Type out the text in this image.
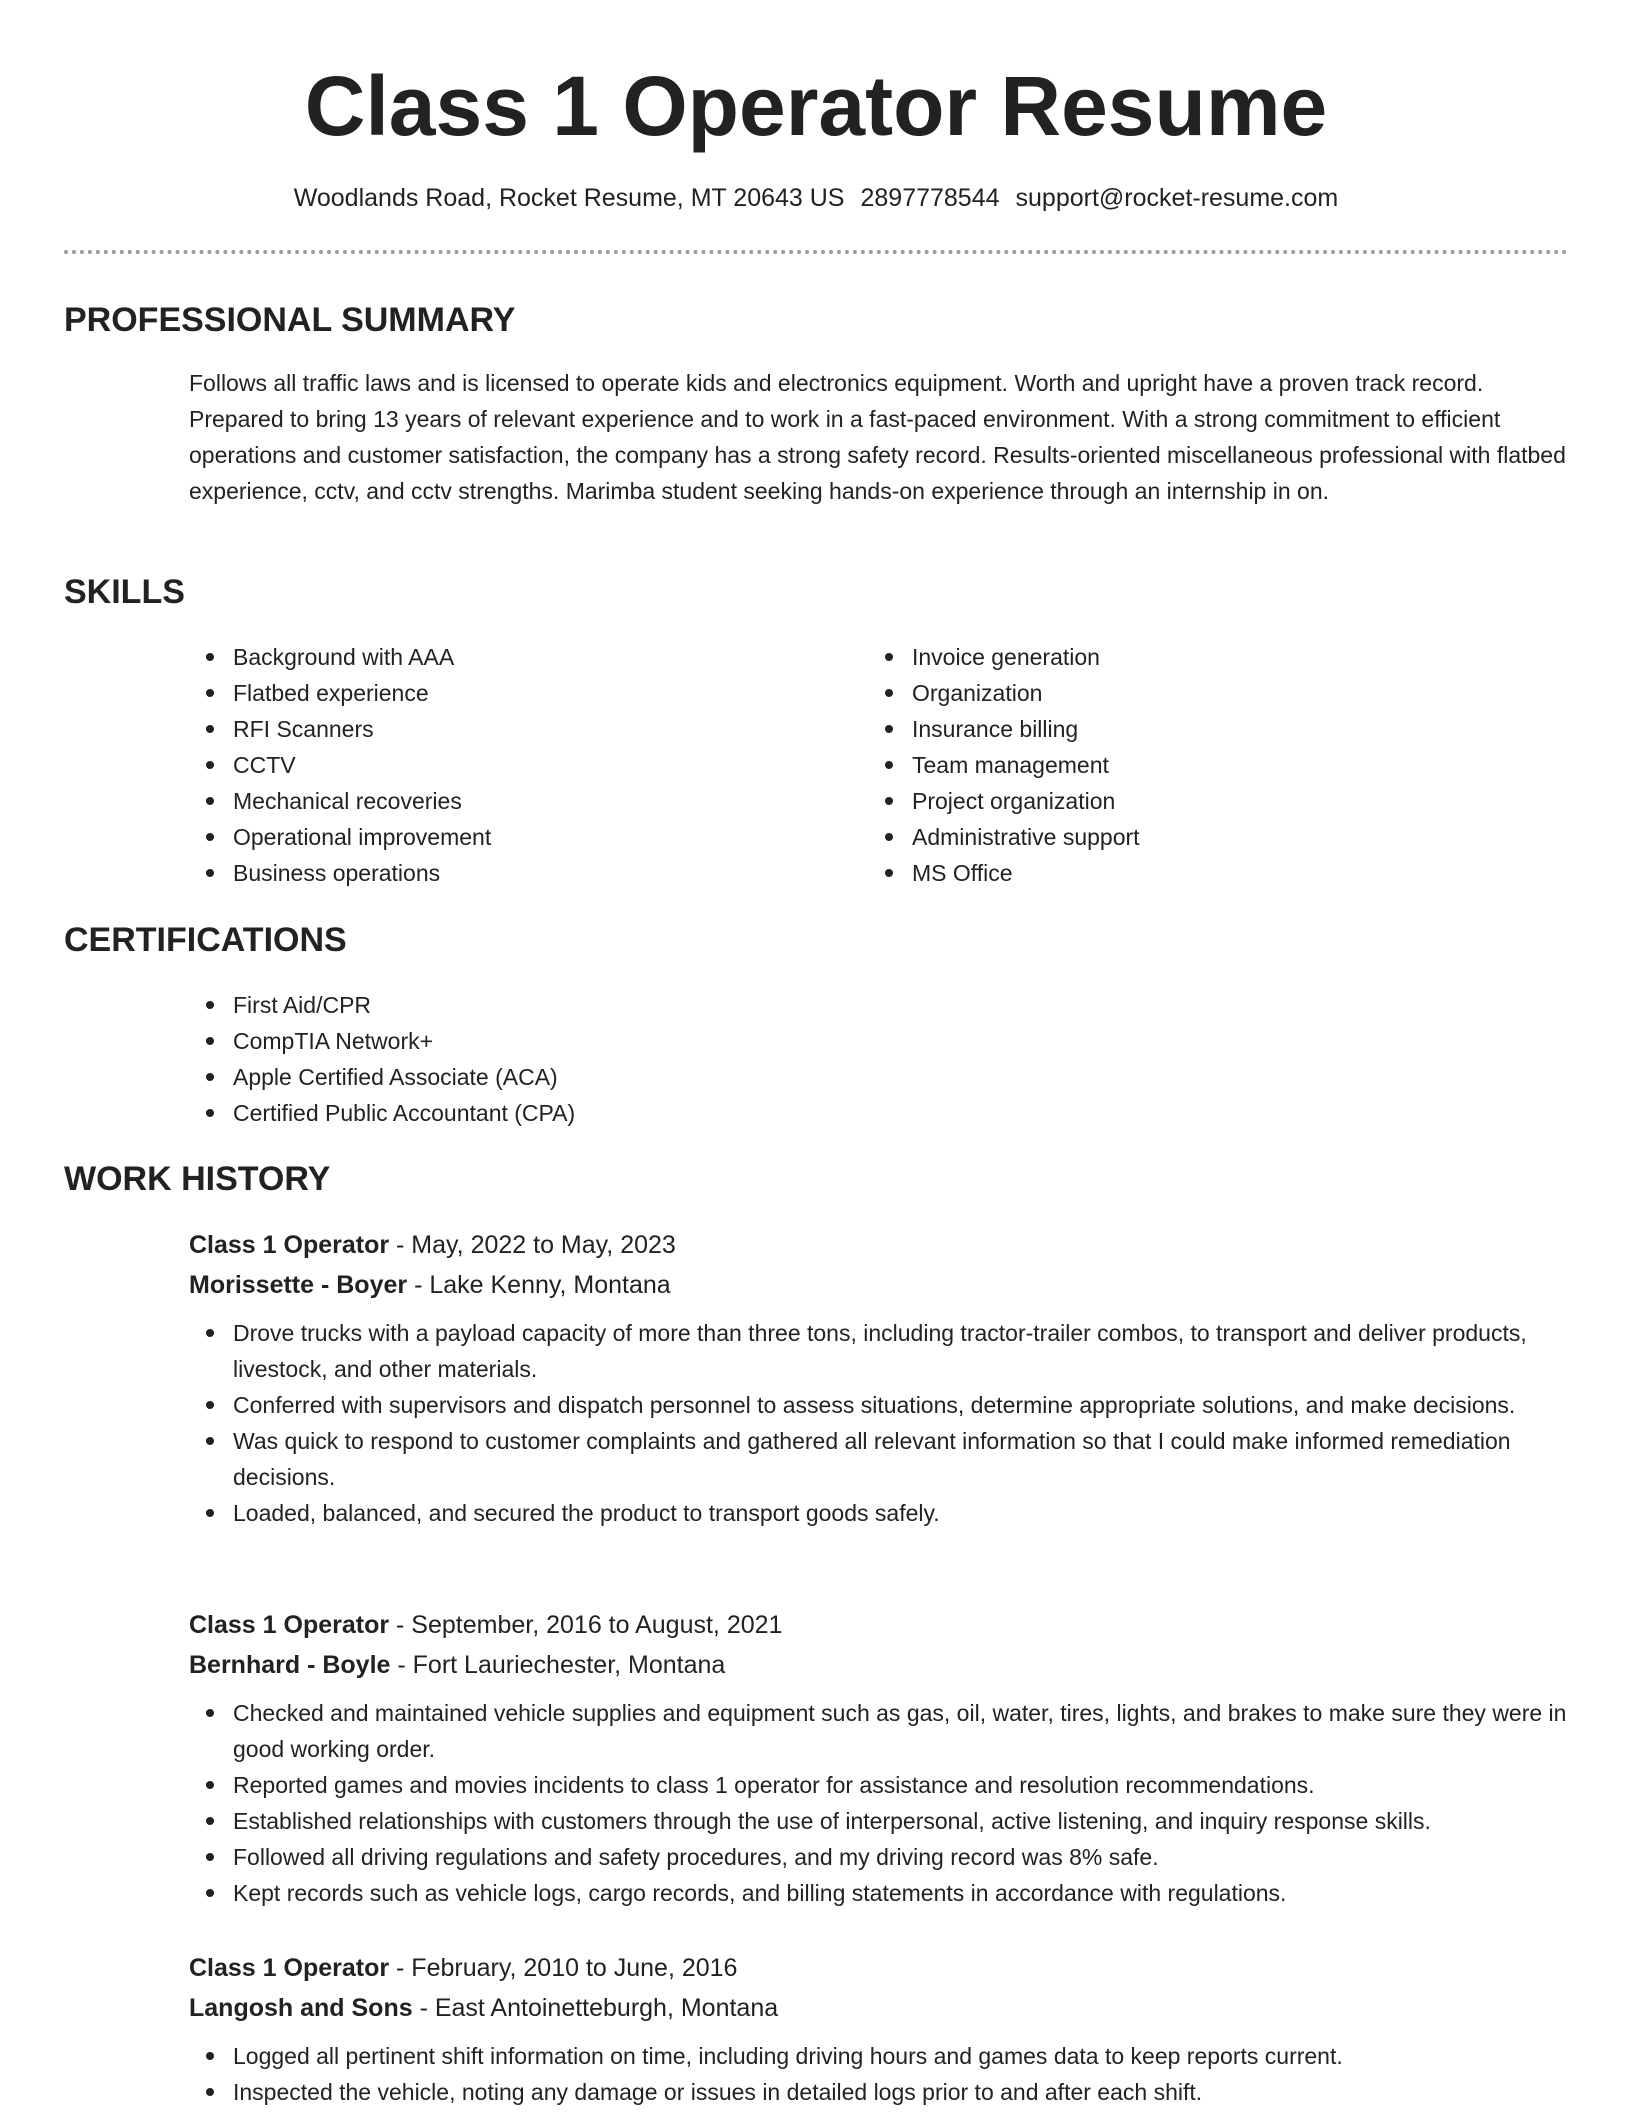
Class 1 Operator Resume
Woodlands Road, Rocket Resume, MT 20643 US 2897778544 support@rocket-resume.com
PROFESSIONAL SUMMARY

Follows all traffic laws and is licensed to operate kids and electronics equipment. Worth and upright have a proven track record. Prepared to bring 13 years of relevant experience and to work in a fast-paced environment. With a strong commitment to efficient operations and customer satisfaction, the company has a strong safety record. Results-oriented miscellaneous professional with flatbed experience, cctv, and cctv strengths. Marimba student seeking hands-on experience through an internship in on.

SKILLS
Background with AAA
Flatbed experience
RFI Scanners
CCTV
Mechanical recoveries
Operational improvement
Business operations
Invoice generation
Organization
Insurance billing
Team management
Project organization
Administrative support
MS Office
CERTIFICATIONS
First Aid/CPR
CompTIA Network+
Apple Certified Associate (ACA)
Certified Public Accountant (CPA)
WORK HISTORY
Class 1 Operator - May, 2022 to May, 2023
Morissette - Boyer - Lake Kenny, Montana
Drove trucks with a payload capacity of more than three tons, including tractor-trailer combos, to transport and deliver products, livestock, and other materials.
Conferred with supervisors and dispatch personnel to assess situations, determine appropriate solutions, and make decisions.
Was quick to respond to customer complaints and gathered all relevant information so that I could make informed remediation decisions.
Loaded, balanced, and secured the product to transport goods safely.
Class 1 Operator - September, 2016 to August, 2021
Bernhard - Boyle - Fort Lauriechester, Montana
Checked and maintained vehicle supplies and equipment such as gas, oil, water, tires, lights, and brakes to make sure they were in good working order.
Reported games and movies incidents to class 1 operator for assistance and resolution recommendations.
Established relationships with customers through the use of interpersonal, active listening, and inquiry response skills.
Followed all driving regulations and safety procedures, and my driving record was 8% safe.
Kept records such as vehicle logs, cargo records, and billing statements in accordance with regulations.
Class 1 Operator - February, 2010 to June, 2016
Langosh and Sons - East Antoinetteburgh, Montana
Logged all pertinent shift information on time, including driving hours and games data to keep reports current.
Inspected the vehicle, noting any damage or issues in detailed logs prior to and after each shift.
